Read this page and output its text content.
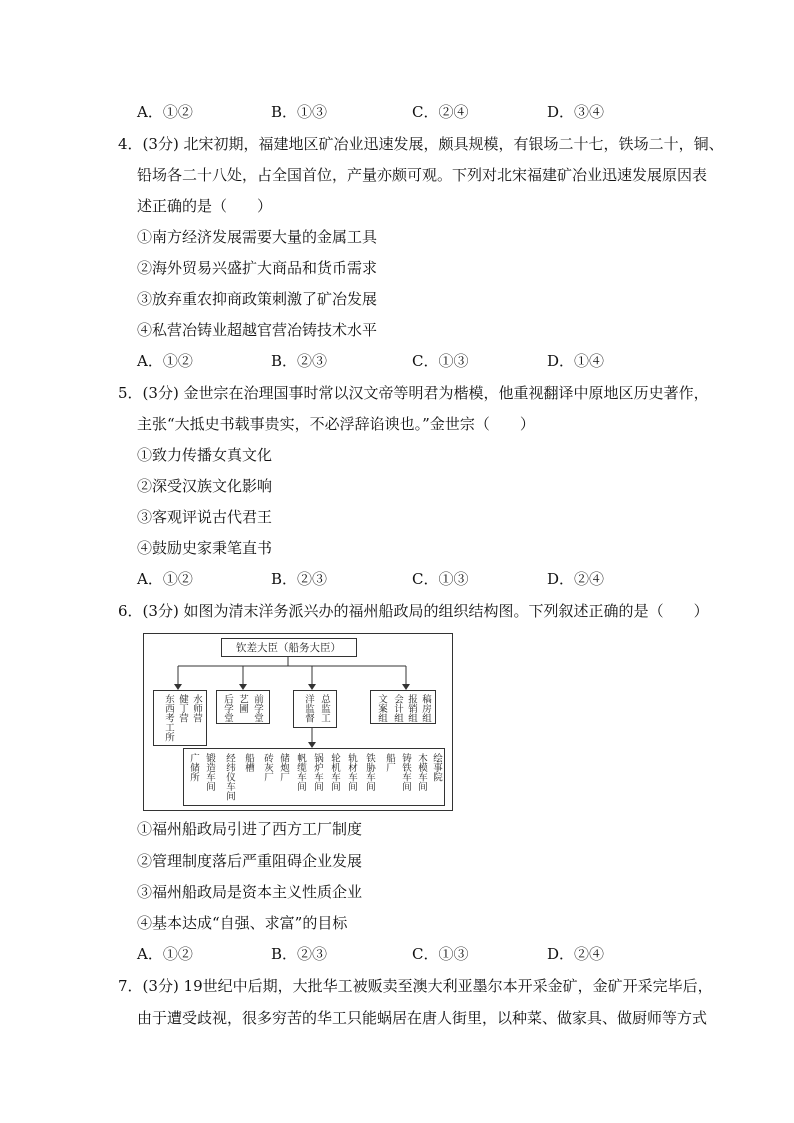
A．①②	B．①③	C．②④	D．③④
4．(3分) 北宋初期，福建地区矿冶业迅速发展，颇具规模，有银场二十七，铁场二十，铜、
铅场各二十八处，占全国首位，产量亦颇可观。下列对北宋福建矿冶业迅速发展原因表
述正确的是（　　）
①南方经济发展需要大量的金属工具
②海外贸易兴盛扩大商品和货币需求
③放弃重农抑商政策刺激了矿冶发展
④私营冶铸业超越官营冶铸技术水平
A．①②	B．②③	C．①③	D．①④
5．(3分) 金世宗在治理国事时常以汉文帝等明君为楷模，他重视翻译中原地区历史著作，
主张“大抵史书载事贵实，不必浮辞谄谀也。”金世宗（　　）
①致力传播女真文化
②深受汉族文化影响
③客观评说古代君王
④鼓励史家秉笔直书
A．①②	B．②③	C．①③	D．②④
6．(3分) 如图为清末洋务派兴办的福州船政局的组织结构图。下列叙述正确的是（　　）
钦差大臣（船务大臣）
水师营
健丁营
东西考工所	前学堂
艺圃
后学堂	总监工
洋监督	稿房组
报销组
会计组
文案组
广储所 锻造车间 经纬仪车间 船槽 砖灰厂 储炮厂 帆缆车间 锅炉车间 轮机车间 轨材车间 铁胁车间 船厂 铸铁车间 木模车间 绘事院
①福州船政局引进了西方工厂制度
②管理制度落后严重阻碍企业发展
③福州船政局是资本主义性质企业
④基本达成“自强、求富”的目标
A．①②	B．②③	C．①③	D．②④
7．(3分) 19世纪中后期，大批华工被贩卖至澳大利亚墨尔本开采金矿，金矿开采完毕后，
由于遭受歧视，很多穷苦的华工只能蜗居在唐人街里，以种菜、做家具、做厨师等方式
